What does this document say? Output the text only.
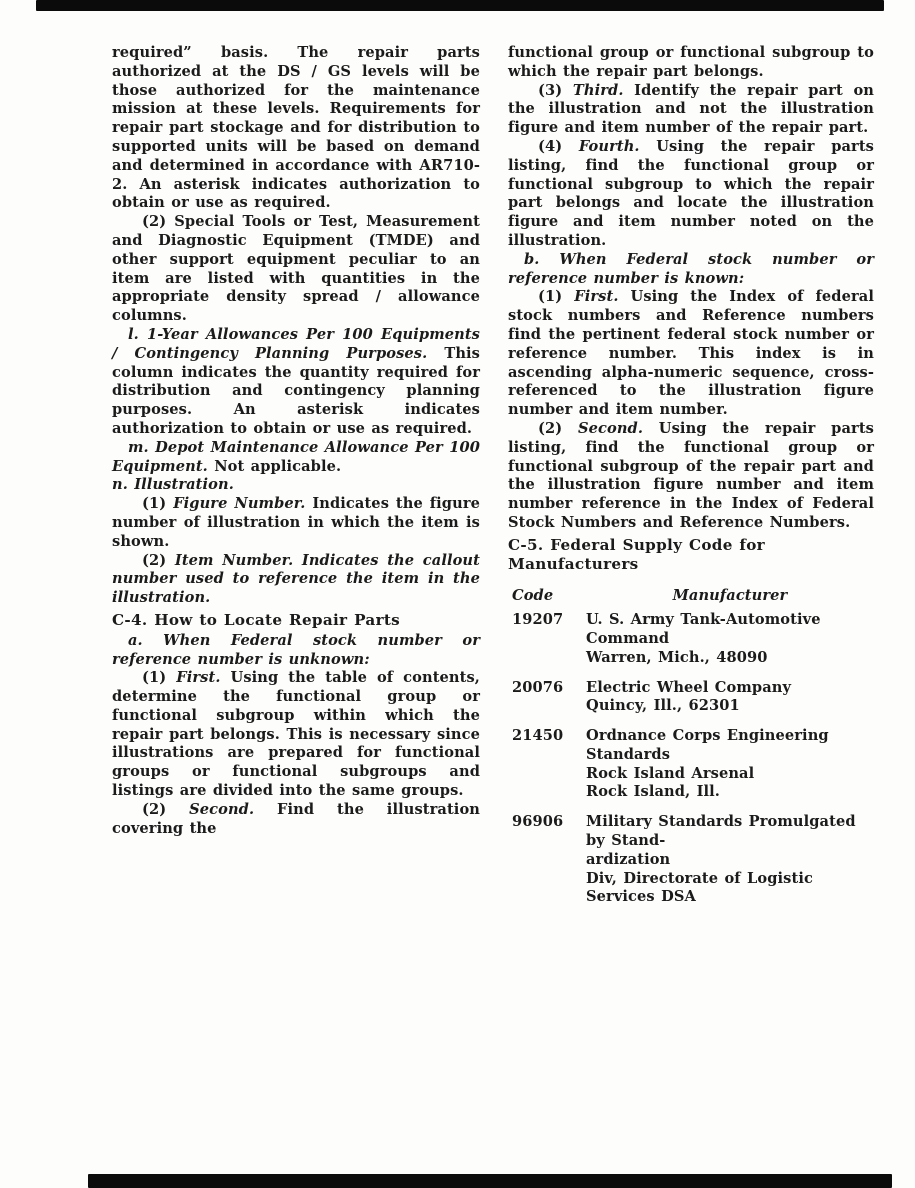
required” basis. The repair parts authorized at the DS / GS levels will be those authorized for the maintenance mission at these levels. Requirements for repair part stockage and for distribution to supported units will be based on demand and determined in accordance with AR710-2. An asterisk indicates authorization to obtain or use as required.

(2) Special Tools or Test, Measurement and Diagnostic Equipment (TMDE) and other support equipment peculiar to an item are listed with quantities in the appropriate density spread / allowance columns.

l. 1-Year Allowances Per 100 Equipments / Contingency Planning Purposes. This column indicates the quantity required for distribution and contingency planning purposes. An asterisk indicates authorization to obtain or use as required.

m. Depot Maintenance Allowance Per 100 Equipment. Not applicable.

n. Illustration.

(1) Figure Number. Indicates the figure number of illustration in which the item is shown.

(2) Item Number. Indicates the callout number used to reference the item in the illustration.

C-4. How to Locate Repair Parts

a. When Federal stock number or reference number is unknown:

(1) First. Using the table of contents, determine the functional group or functional subgroup within which the repair part belongs. This is necessary since illustrations are prepared for functional groups or functional subgroups and listings are divided into the same groups.

(2) Second. Find the illustration covering the

functional group or functional subgroup to which the repair part belongs.

(3) Third. Identify the repair part on the illustration and not the illustration figure and item number of the repair part.

(4) Fourth. Using the repair parts listing, find the functional group or functional subgroup to which the repair part belongs and locate the illustration figure and item number noted on the illustration.

b. When Federal stock number or reference number is known:

(1) First. Using the Index of federal stock numbers and Reference numbers find the pertinent federal stock number or reference number. This index is in ascending alpha-numeric sequence, cross-referenced to the illustration figure number and item number.

(2) Second. Using the repair parts listing, find the functional group or functional subgroup of the repair part and the illustration figure number and item number reference in the Index of Federal Stock Numbers and Reference Numbers.

C-5. Federal Supply Code for Manufacturers
Code	Manufacturer
19207	U. S. Army Tank-Automotive Command
Warren, Mich., 48090
20076	Electric Wheel Company
Quincy, Ill., 62301
21450	Ordnance Corps Engineering Standards
Rock Island Arsenal
Rock Island, Ill.
96906	Military Standards Promulgated by Stand-
ardization
Div, Directorate of Logistic Services DSA
